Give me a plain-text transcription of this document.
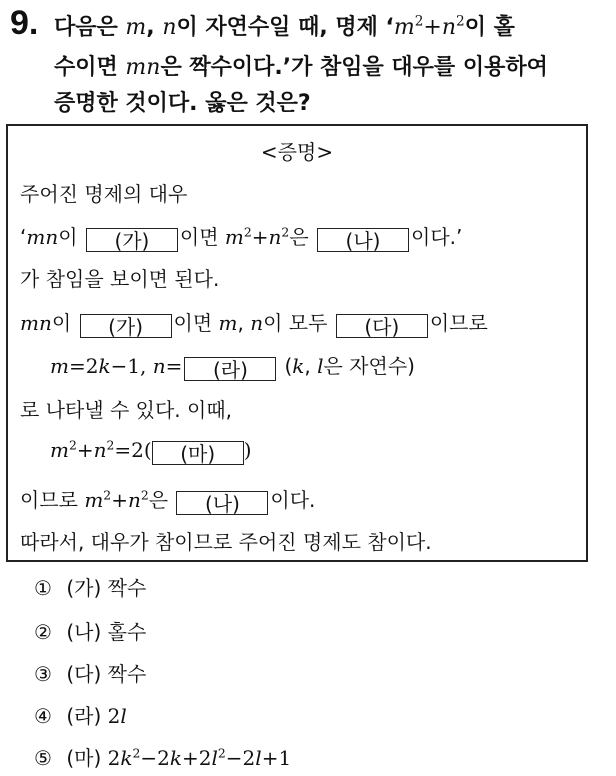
9. 다음은 m, n이 자연수일 때, 명제 ‘$m^2+n^2$이 홀
수이면 mn은 짝수이다.’가 참임을 대우를 이용하여
증명한 것이다. 옳은 것은?
<증명>
주어진 명제의 대우
‘mn이 (가) 이면 $m^2+n^2$은 (나) 이다.’
가 참임을 보이면 된다.
mn이 (가) 이면 m, n이 모두 (다) 이므로
m=2k−1, n= (라) (k, l은 자연수)
로 나타낼 수 있다. 이때,
$m^2+n^2=2$( (마) )
이므로 $m^2+n^2$은 (나) 이다.
따라서, 대우가 참이므로 주어진 명제도 참이다.
① (가) 짝수
② (나) 홀수
③ (다) 짝수
④ (라) 2l
⑤ (마) $2k^2-2k+2l^2-2l+1$
